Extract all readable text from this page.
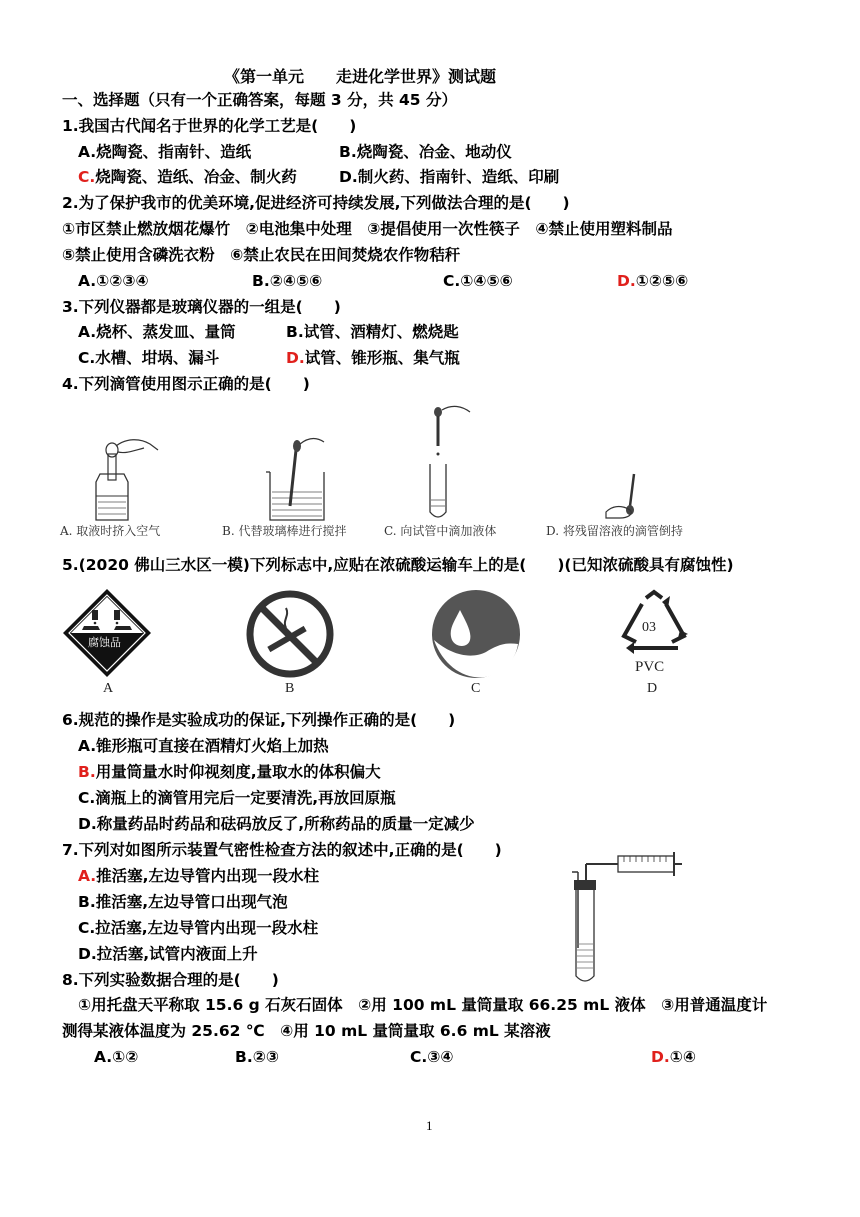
《第一单元　　走进化学世界》测试题
一、选择题（只有一个正确答案，每题 3 分，共 45 分）
1.我国古代闻名于世界的化学工艺是(　　)
A.烧陶瓷、指南针、造纸	B.烧陶瓷、冶金、地动仪
C.烧陶瓷、造纸、冶金、制火药	D.制火药、指南针、造纸、印刷
2.为了保护我市的优美环境,促进经济可持续发展,下列做法合理的是(　　)
①市区禁止燃放烟花爆竹　②电池集中处理　③提倡使用一次性筷子　④禁止使用塑料制品
⑤禁止使用含磷洗衣粉　⑥禁止农民在田间焚烧农作物秸秆
A.①②③④	B.②④⑤⑥	C.①④⑤⑥	D.①②⑤⑥
3.下列仪器都是玻璃仪器的一组是(　　)
A.烧杯、蒸发皿、量筒	B.试管、酒精灯、燃烧匙
C.水槽、坩埚、漏斗	D.试管、锥形瓶、集气瓶
4.下列滴管使用图示正确的是(　　)
A. 取液时挤入空气	B. 代替玻璃棒进行搅拌	C. 向试管中滴加液体	D. 将残留溶液的滴管倒持
5.(2020 佛山三水区一模)下列标志中,应贴在浓硫酸运输车上的是(　　)(已知浓硫酸具有腐蚀性)
腐蚀品
03
PVC
A	B	C	D
6.规范的操作是实验成功的保证,下列操作正确的是(　　)
A.锥形瓶可直接在酒精灯火焰上加热
B.用量筒量水时仰视刻度,量取水的体积偏大
C.滴瓶上的滴管用完后一定要清洗,再放回原瓶
D.称量药品时药品和砝码放反了,所称药品的质量一定减少
7.下列对如图所示装置气密性检查方法的叙述中,正确的是(　　)
A.推活塞,左边导管内出现一段水柱
B.推活塞,左边导管口出现气泡
C.拉活塞,左边导管内出现一段水柱
D.拉活塞,试管内液面上升
8.下列实验数据合理的是(　　)
①用托盘天平称取 15.6 g 石灰石固体　②用 100 mL 量筒量取 66.25 mL 液体　③用普通温度计
测得某液体温度为 25.62 ℃　④用 10 mL 量筒量取 6.6 mL 某溶液
A.①②	B.②③	C.③④	D.①④
1
